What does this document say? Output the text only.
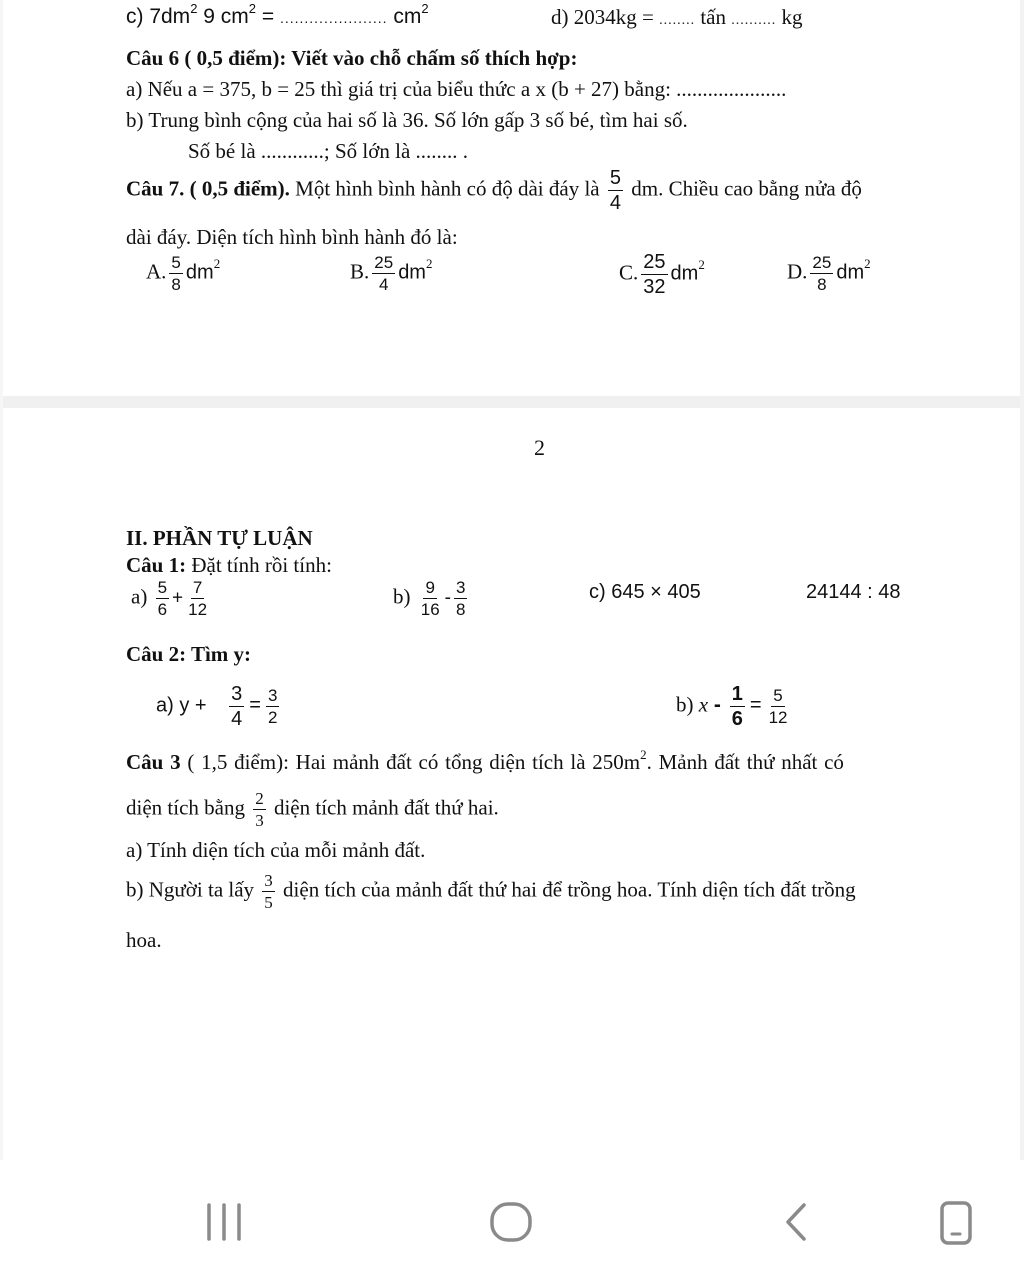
c) $7dm^2$ 9 $cm^2$ = ...................... $cm^2$	d) 2034kg = ........ tấn .......... kg
Câu 6 ( 0,5 điểm): Viết vào chỗ chấm số thích hợp:
a) Nếu a = 375, b = 25 thì giá trị của biểu thức a x (b + 27) bằng: .....................
b) Trung bình cộng của hai số là 36. Số lớn gấp 3 số bé, tìm hai số.
Số bé là ............; Số lớn là ........ .
Câu 7. ( 0,5 điểm). Một hình bình hành có độ dài đáy là $\frac{5}{4}$ dm. Chiều cao bằng nửa độ
dài đáy. Diện tích hình bình hành đó là:
A. $\frac{5}{8} dm^2$	B. $\frac{25}{4} dm^2$	C. $\frac{25}{32} dm^2$	D. $\frac{25}{8} dm^2$
2
II. PHẦN TỰ LUẬN
Câu 1: Đặt tính rồi tính:
$a) \frac{5}{6} + \frac{7}{12}$	$b) \frac{9}{16} - \frac{3}{8}$	c) 645 × 405	24144 : 48
Câu 2: Tìm y:
a) $y + \frac{3}{4} = \frac{3}{2}$	b) $x - \frac{1}{6} = \frac{5}{12}$
Câu 3 ( 1,5 điểm): Hai mảnh đất có tổng diện tích là $250m^2$. Mảnh đất thứ nhất có
diện tích bằng $\frac{2}{3}$ diện tích mảnh đất thứ hai.
a) Tính diện tích của mỗi mảnh đất.
b) Người ta lấy $\frac{3}{5}$ diện tích của mảnh đất thứ hai để trồng hoa. Tính diện tích đất trồng
hoa.
